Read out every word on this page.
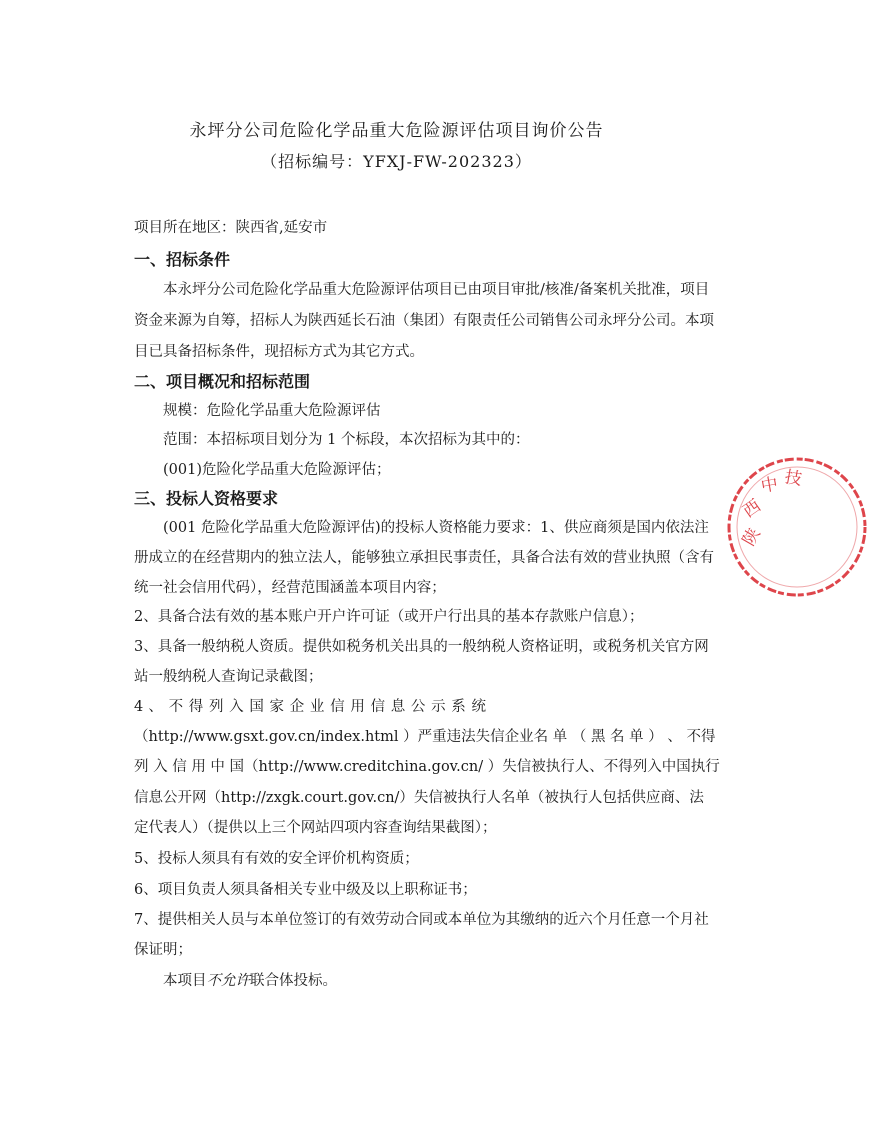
永坪分公司危险化学品重大危险源评估项目询价公告
（招标编号：YFXJ-FW-202323）
项目所在地区：陕西省,延安市
一、招标条件
本永坪分公司危险化学品重大危险源评估项目已由项目审批/核准/备案机关批准，项目
资金来源为自筹，招标人为陕西延长石油（集团）有限责任公司销售公司永坪分公司。本项
目已具备招标条件，现招标方式为其它方式。
二、项目概况和招标范围
规模：危险化学品重大危险源评估
范围：本招标项目划分为 1 个标段，本次招标为其中的：
(001)危险化学品重大危险源评估；
三、投标人资格要求
(001 危险化学品重大危险源评估)的投标人资格能力要求：1、供应商须是国内依法注
册成立的在经营期内的独立法人，能够独立承担民事责任，具备合法有效的营业执照（含有
统一社会信用代码），经营范围涵盖本项目内容；
2、具备合法有效的基本账户开户许可证（或开户行出具的基本存款账户信息）；
3、具备一般纳税人资质。提供如税务机关出具的一般纳税人资格证明，或税务机关官方网
站一般纳税人查询记录截图；
4 、 不 得 列 入 国 家 企 业 信 用 信 息 公 示 系 统
（http://www.gsxt.gov.cn/index.html ）严重违法失信企业名 单 （ 黑 名 单 ） 、 不得
列 入 信 用 中 国（http://www.creditchina.gov.cn/ ）失信被执行人、不得列入中国执行
信息公开网（http://zxgk.court.gov.cn/）失信被执行人名单（被执行人包括供应商、法
定代表人）（提供以上三个网站四项内容查询结果截图）；
5、投标人须具有有效的安全评价机构资质；
6、项目负责人须具备相关专业中级及以上职称证书；
7、提供相关人员与本单位签订的有效劳动合同或本单位为其缴纳的近六个月任意一个月社
保证明；
本项目不允许联合体投标。
陕
西
中 技
